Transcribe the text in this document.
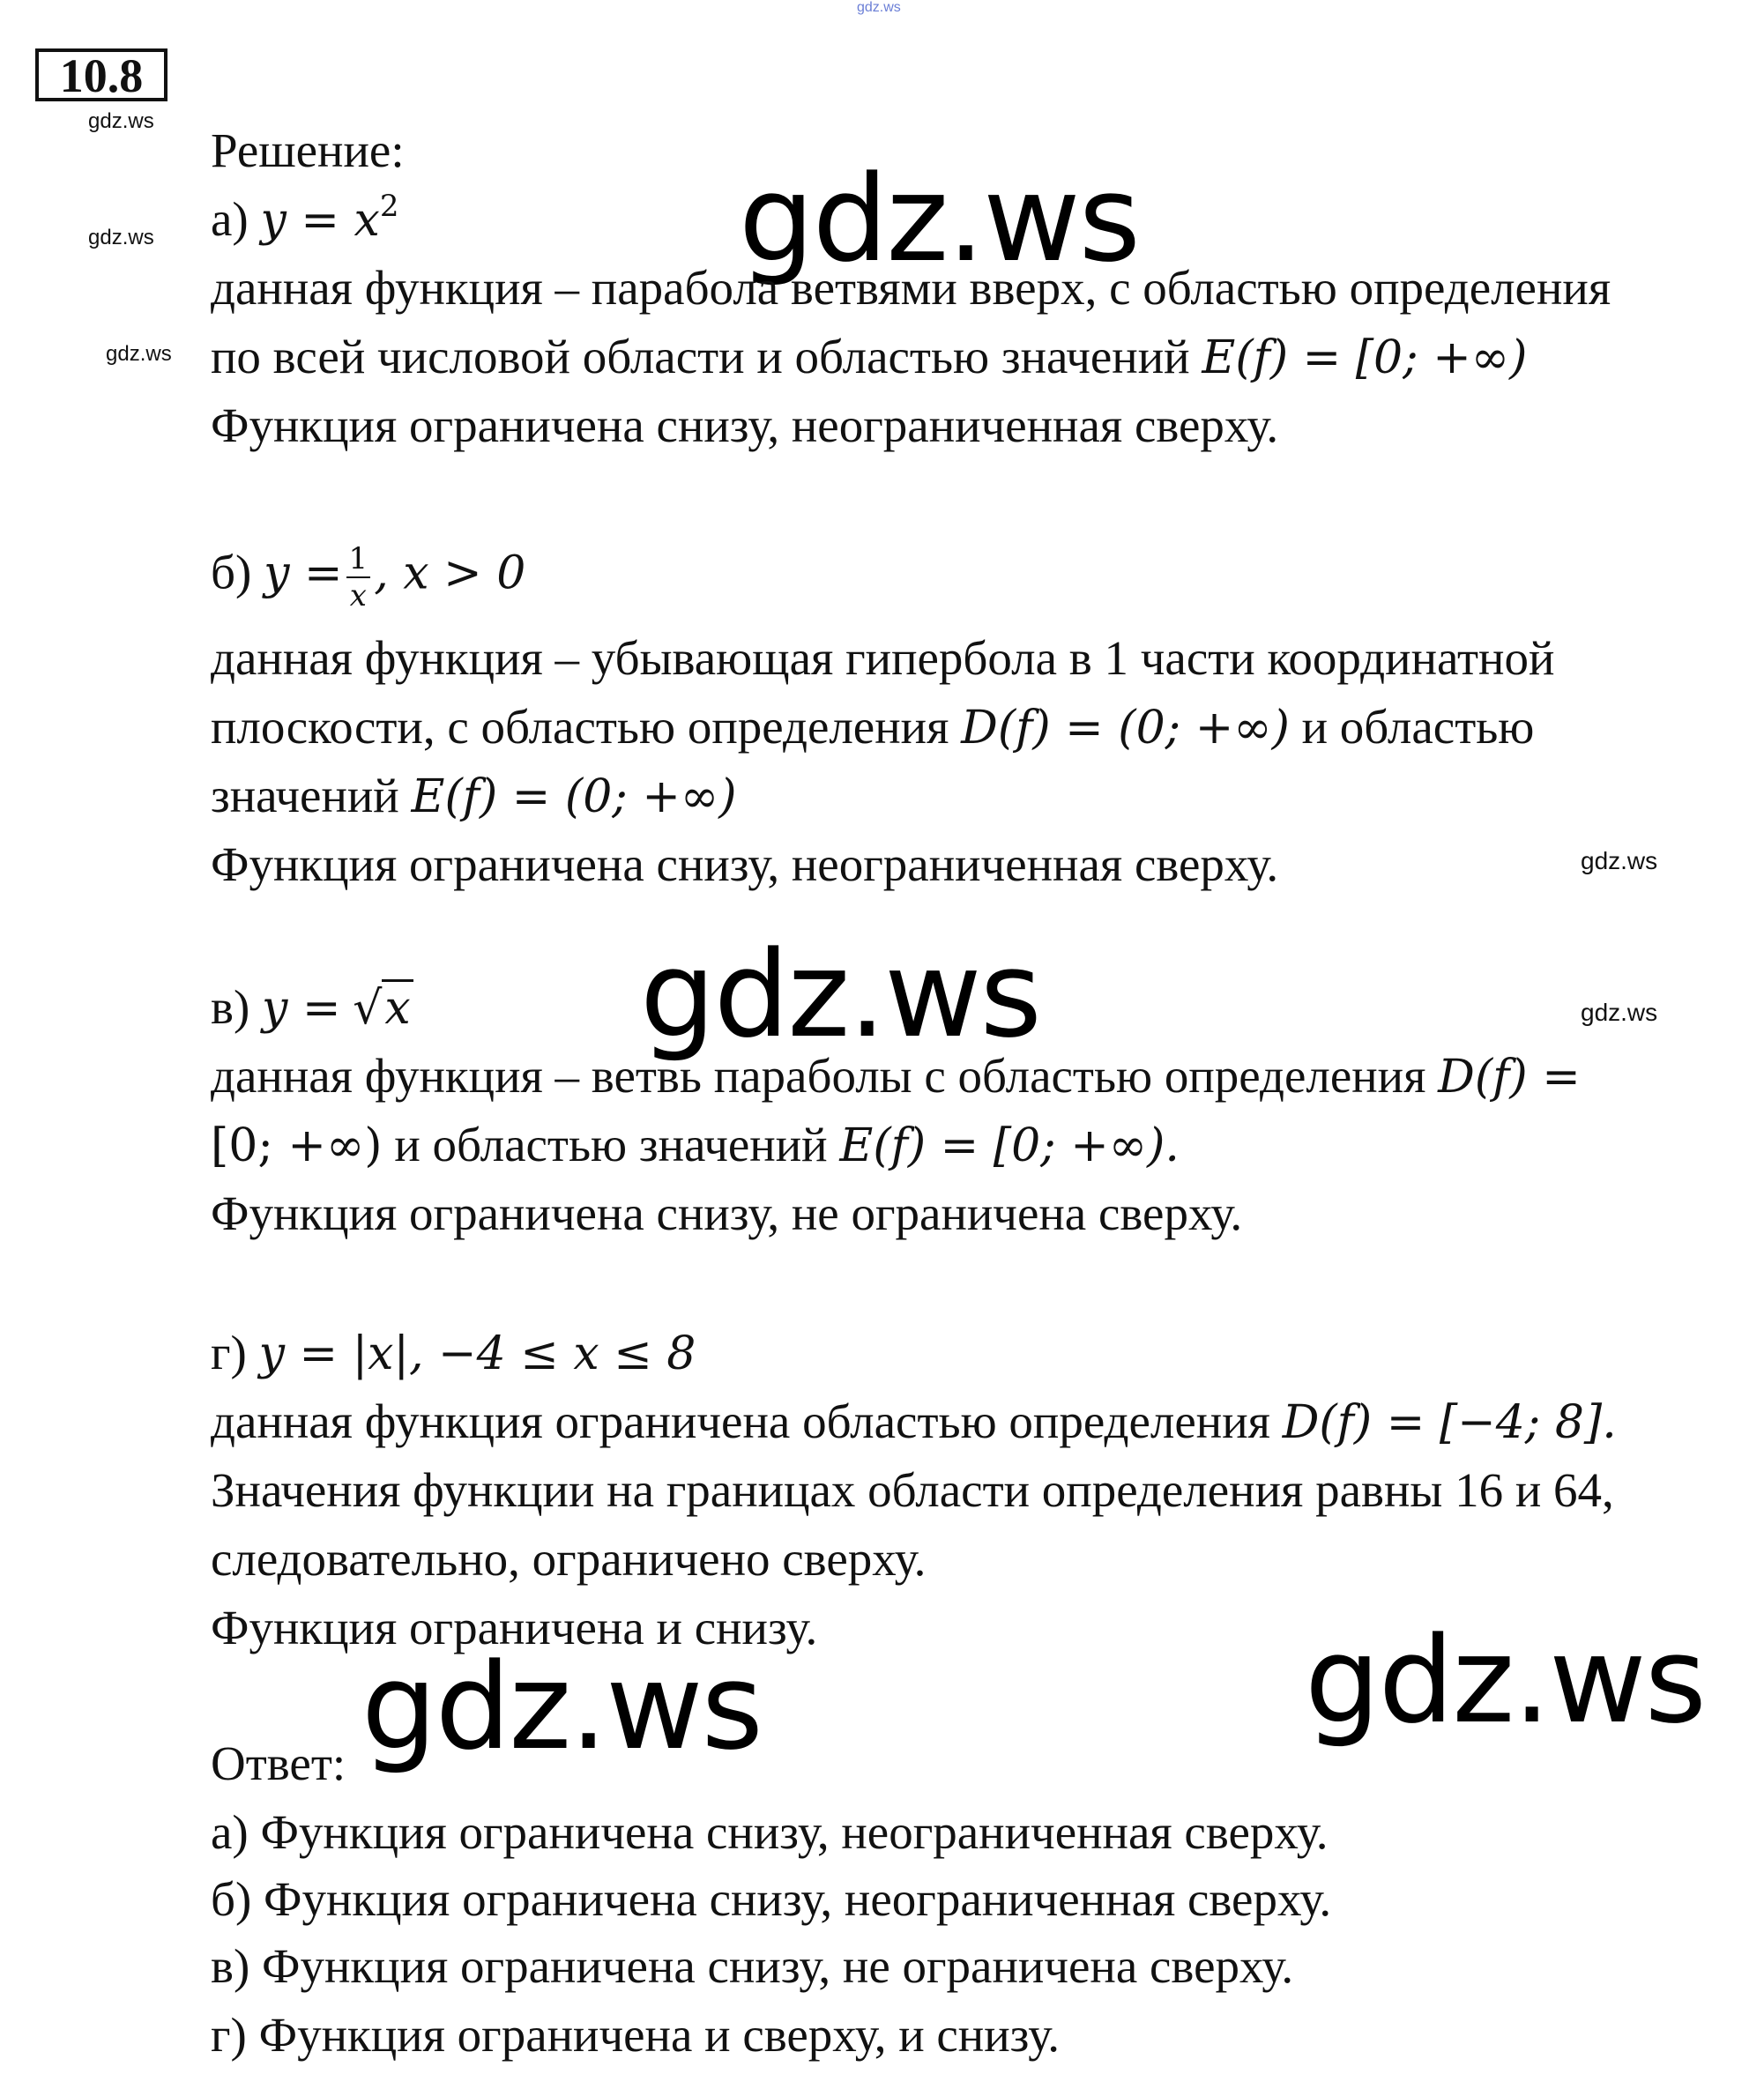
gdz.ws
10.8
gdz.ws
gdz.ws
gdz.ws
gdz.ws
gdz.ws
gdz.ws
gdz.ws
gdz.ws
gdz.ws
Решение:
а) $y = x^2$
данная функция – парабола ветвями вверх, с областью определения
по всей числовой области и областью значений E(f) = [0; +∞)
Функция ограничена снизу, неограниченная сверху.
б) $y = \frac{1}{x}$ , x > 0
данная функция – убывающая гипербола в 1 части координатной
плоскости, с областью определения D(f) = (0; +∞) и областью
значений E(f) = (0; +∞)
Функция ограничена снизу, неограниченная сверху.
в) y = √x
данная функция – ветвь параболы с областью определения D(f) =
[0; +∞) и областью значений E(f) = [0; +∞).
Функция ограничена снизу, не ограничена сверху.
г) y = |x|, −4 ≤ x ≤ 8
данная функция ограничена областью определения D(f) = [−4; 8].
Значения функции на границах области определения равны 16 и 64,
следовательно, ограничено сверху.
Функция ограничена и снизу.
Ответ:
а) Функция ограничена снизу, неограниченная сверху.
б) Функция ограничена снизу, неограниченная сверху.
в) Функция ограничена снизу, не ограничена сверху.
г) Функция ограничена и сверху, и снизу.
